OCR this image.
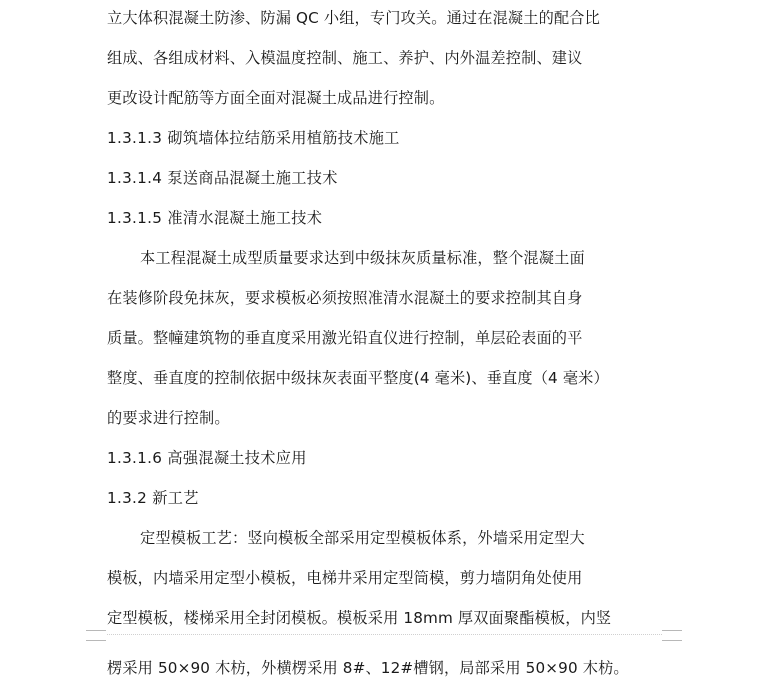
立大体积混凝土防渗、防漏 QC 小组，专门攻关。通过在混凝土的配合比
组成、各组成材料、入模温度控制、施工、养护、内外温差控制、建议
更改设计配筋等方面全面对混凝土成品进行控制。
1.3.1.3 砌筑墙体拉结筋采用植筋技术施工
1.3.1.4 泵送商品混凝土施工技术
1.3.1.5 准清水混凝土施工技术
本工程混凝土成型质量要求达到中级抹灰质量标准，整个混凝土面
在装修阶段免抹灰，要求模板必须按照准清水混凝土的要求控制其自身
质量。整幢建筑物的垂直度采用激光铅直仪进行控制，单层砼表面的平
整度、垂直度的控制依据中级抹灰表面平整度(4 毫米)、垂直度（4 毫米）
的要求进行控制。
1.3.1.6 高强混凝土技术应用
1.3.2 新工艺
定型模板工艺：竖向模板全部采用定型模板体系，外墙采用定型大
模板，内墙采用定型小模板，电梯井采用定型筒模，剪力墙阴角处使用
定型模板，楼梯采用全封闭模板。模板采用 18mm 厚双面聚酯模板，内竖
楞采用 50×90 木枋，外横楞采用 8#、12#槽钢，局部采用 50×90 木枋。
